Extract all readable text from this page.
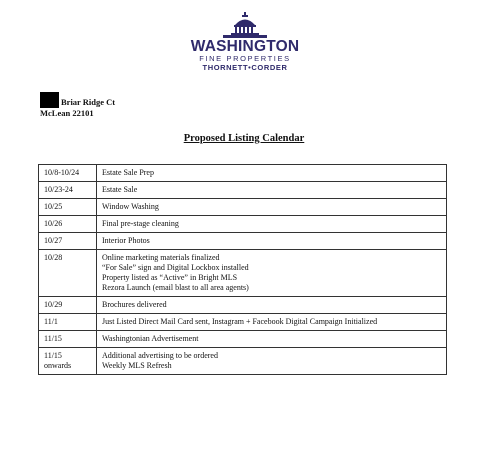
WASHINGTON
FINE PROPERTIES
THORNETT•CORDER
Briar Ridge Ct
McLean 22101
Proposed Listing Calendar
10/8-10/24	Estate Sale Prep

10/23-24	Estate Sale

10/25	Window Washing

10/26	Final pre-stage cleaning

10/27	Interior Photos

10/28	Online marketing materials finalized
“For Sale” sign and Digital Lockbox installed
Property listed as “Active” in Bright MLS
Rezora Launch (email blast to all area agents)

10/29	Brochures delivered

11/1	Just Listed Direct Mail Card sent, Instagram + Facebook Digital Campaign Initialized

11/15	Washingtonian Advertisement

11/15 onwards	Additional advertising to be ordered
Weekly MLS Refresh
